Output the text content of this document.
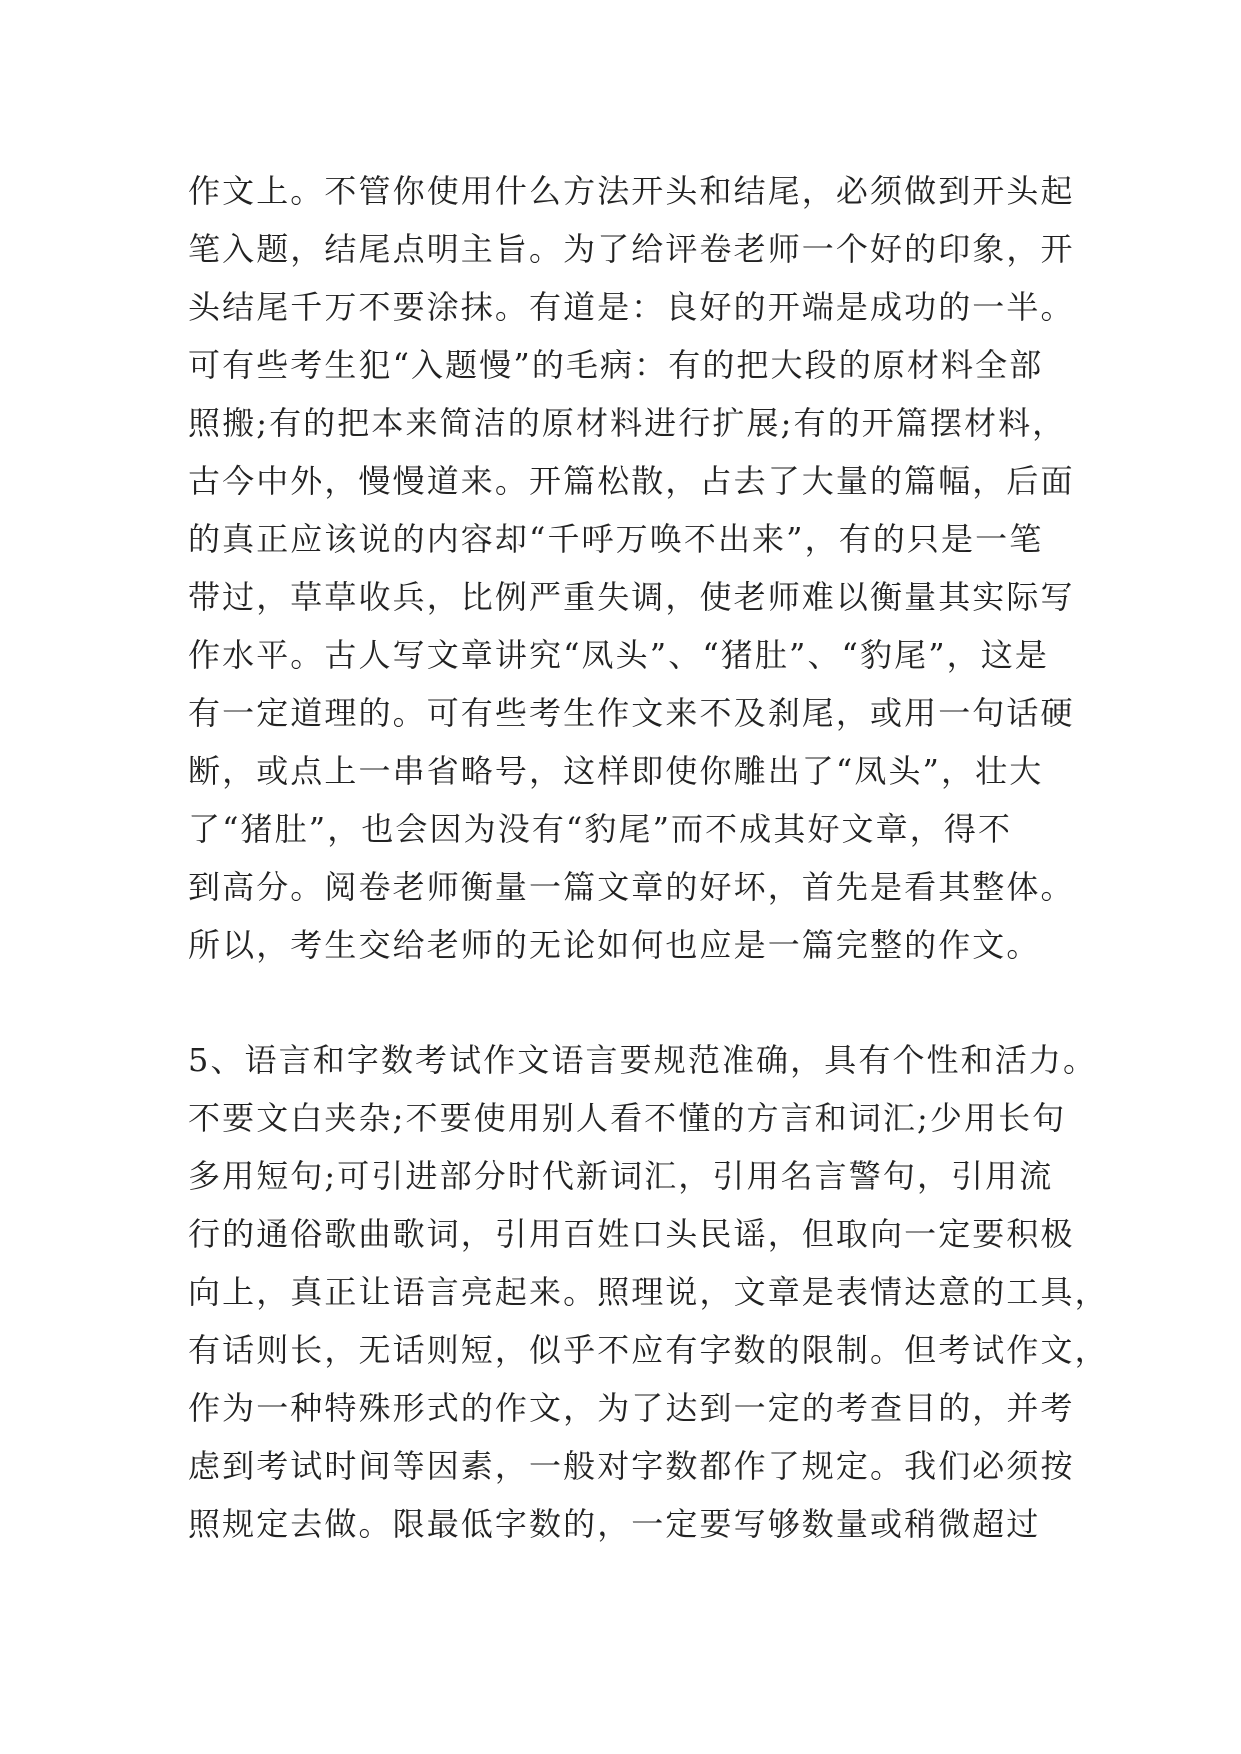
作文上。不管你使用什么方法开头和结尾，必须做到开头起
笔入题，结尾点明主旨。为了给评卷老师一个好的印象，开
头结尾千万不要涂抹。有道是：良好的开端是成功的一半。
可有些考生犯“入题慢”的毛病：有的把大段的原材料全部
照搬;有的把本来简洁的原材料进行扩展;有的开篇摆材料，
古今中外，慢慢道来。开篇松散，占去了大量的篇幅，后面
的真正应该说的内容却“千呼万唤不出来”，有的只是一笔
带过，草草收兵，比例严重失调，使老师难以衡量其实际写
作水平。古人写文章讲究“凤头”、“猪肚”、“豹尾”，这是
有一定道理的。可有些考生作文来不及刹尾，或用一句话硬
断，或点上一串省略号，这样即使你雕出了“凤头”，壮大
了“猪肚”，也会因为没有“豹尾”而不成其好文章，得不
到高分。阅卷老师衡量一篇文章的好坏，首先是看其整体。
所以，考生交给老师的无论如何也应是一篇完整的作文。
5、语言和字数考试作文语言要规范准确，具有个性和活力。
不要文白夹杂;不要使用别人看不懂的方言和词汇;少用长句
多用短句;可引进部分时代新词汇，引用名言警句，引用流
行的通俗歌曲歌词，引用百姓口头民谣，但取向一定要积极
向上，真正让语言亮起来。照理说，文章是表情达意的工具，
有话则长，无话则短，似乎不应有字数的限制。但考试作文，
作为一种特殊形式的作文，为了达到一定的考查目的，并考
虑到考试时间等因素，一般对字数都作了规定。我们必须按
照规定去做。限最低字数的，一定要写够数量或稍微超过
